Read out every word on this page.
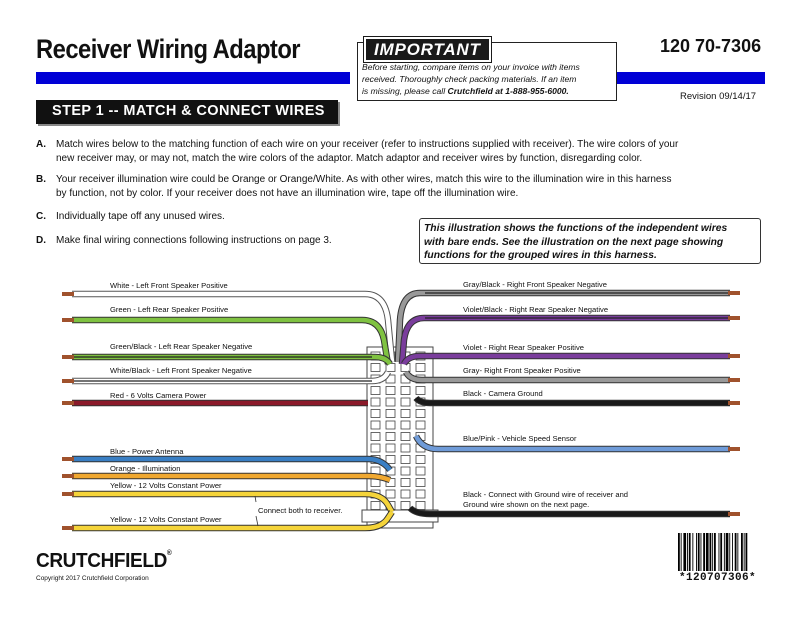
Receiver Wiring Adaptor	120 70-7306
IMPORTANT
Before starting, compare items on your invoice with items
received. Thoroughly check packing materials. If an item
is missing, please call Crutchfield at 1-888-955-6000.	Revision 09/14/17
STEP 1 -- MATCH & CONNECT WIRES
A. Match wires below to the matching function of each wire on your receiver (refer to instructions supplied with receiver). The wire colors of your
new receiver may, or may not, match the wire colors of the adaptor. Match adaptor and receiver wires by function, disregarding color.
B. Your receiver illumination wire could be Orange or Orange/White. As with other wires, match this wire to the illumination wire in this harness
by function, not by color. If your receiver does not have an illumination wire, tape off the illumination wire.
C. Individually tape off any unused wires.
D. Make final wiring connections following instructions on page 3.
This illustration shows the functions of the independent wires
with bare ends. See the illustration on the next page showing
functions for the grouped wires in this harness.
White - Left Front Speaker Positive
Green - Left Rear Speaker Positive
Green/Black - Left Rear Speaker Negative
White/Black - Left Front Speaker Negative
Red - 6 Volts Camera Power
Blue - Power Antenna
Orange - Illumination
Yellow - 12 Volts Constant Power
Yellow - 12 Volts Constant Power
Gray/Black - Right Front Speaker Negative
Violet/Black - Right Rear Speaker Negative
Violet - Right Rear Speaker Positive
Gray- Right Front Speaker Positive
Black - Camera Ground
Blue/Pink - Vehicle Speed Sensor
Black - Connect with Ground wire of receiver and
Ground wire shown on the next page.
Connect both to receiver.
CRUTCHFIELD®
Copyright 2017 Crutchfield Corporation	*120707306*
